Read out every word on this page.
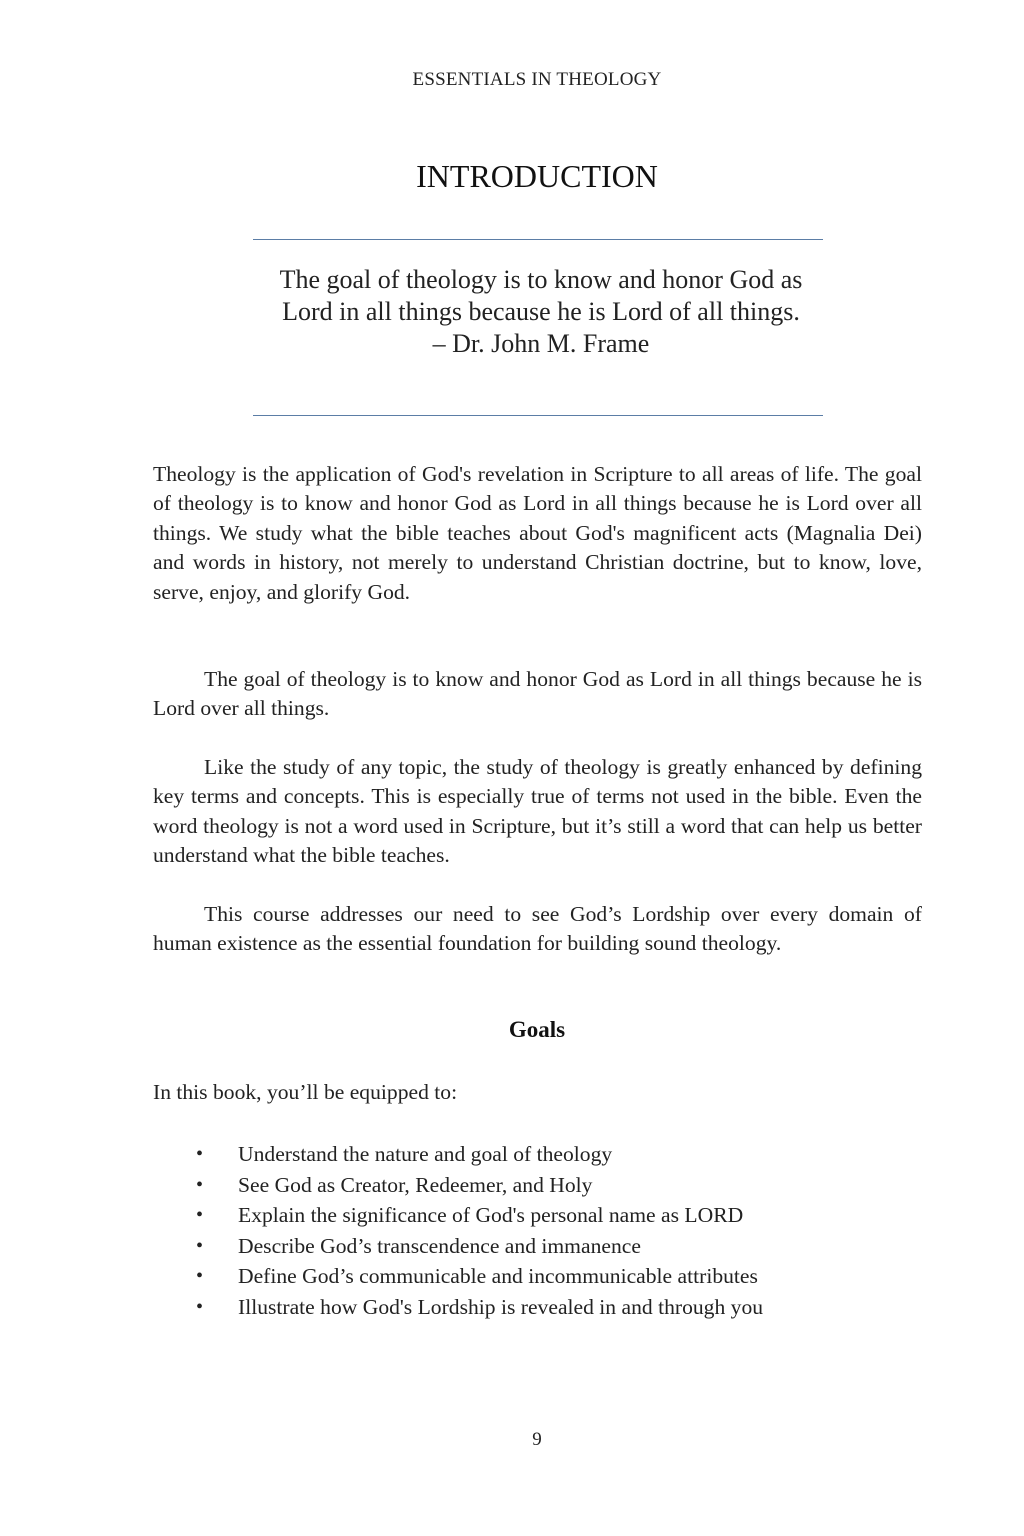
ESSENTIALS IN THEOLOGY
INTRODUCTION
The goal of theology is to know and honor God as Lord in all things because he is Lord of all things.
– Dr. John M. Frame

Theology is the application of God's revelation in Scripture to all areas of life. The goal of theology is to know and honor God as Lord in all things because he is Lord over all things. We study what the bible teaches about God's magnificent acts (Magnalia Dei) and words in history, not merely to understand Christian doctrine, but to know, love, serve, enjoy, and glorify God.

The goal of theology is to know and honor God as Lord in all things because he is Lord over all things.

Like the study of any topic, the study of theology is greatly enhanced by defining key terms and concepts. This is especially true of terms not used in the bible. Even the word theology is not a word used in Scripture, but it’s still a word that can help us better understand what the bible teaches.

This course addresses our need to see God’s Lordship over every domain of human existence as the essential foundation for building sound theology.

Goals

In this book, you’ll be equipped to:

• Understand the nature and goal of theology
• See God as Creator, Redeemer, and Holy
• Explain the significance of God's personal name as LORD
• Describe God’s transcendence and immanence
• Define God’s communicable and incommunicable attributes
• Illustrate how God's Lordship is revealed in and through you
9
